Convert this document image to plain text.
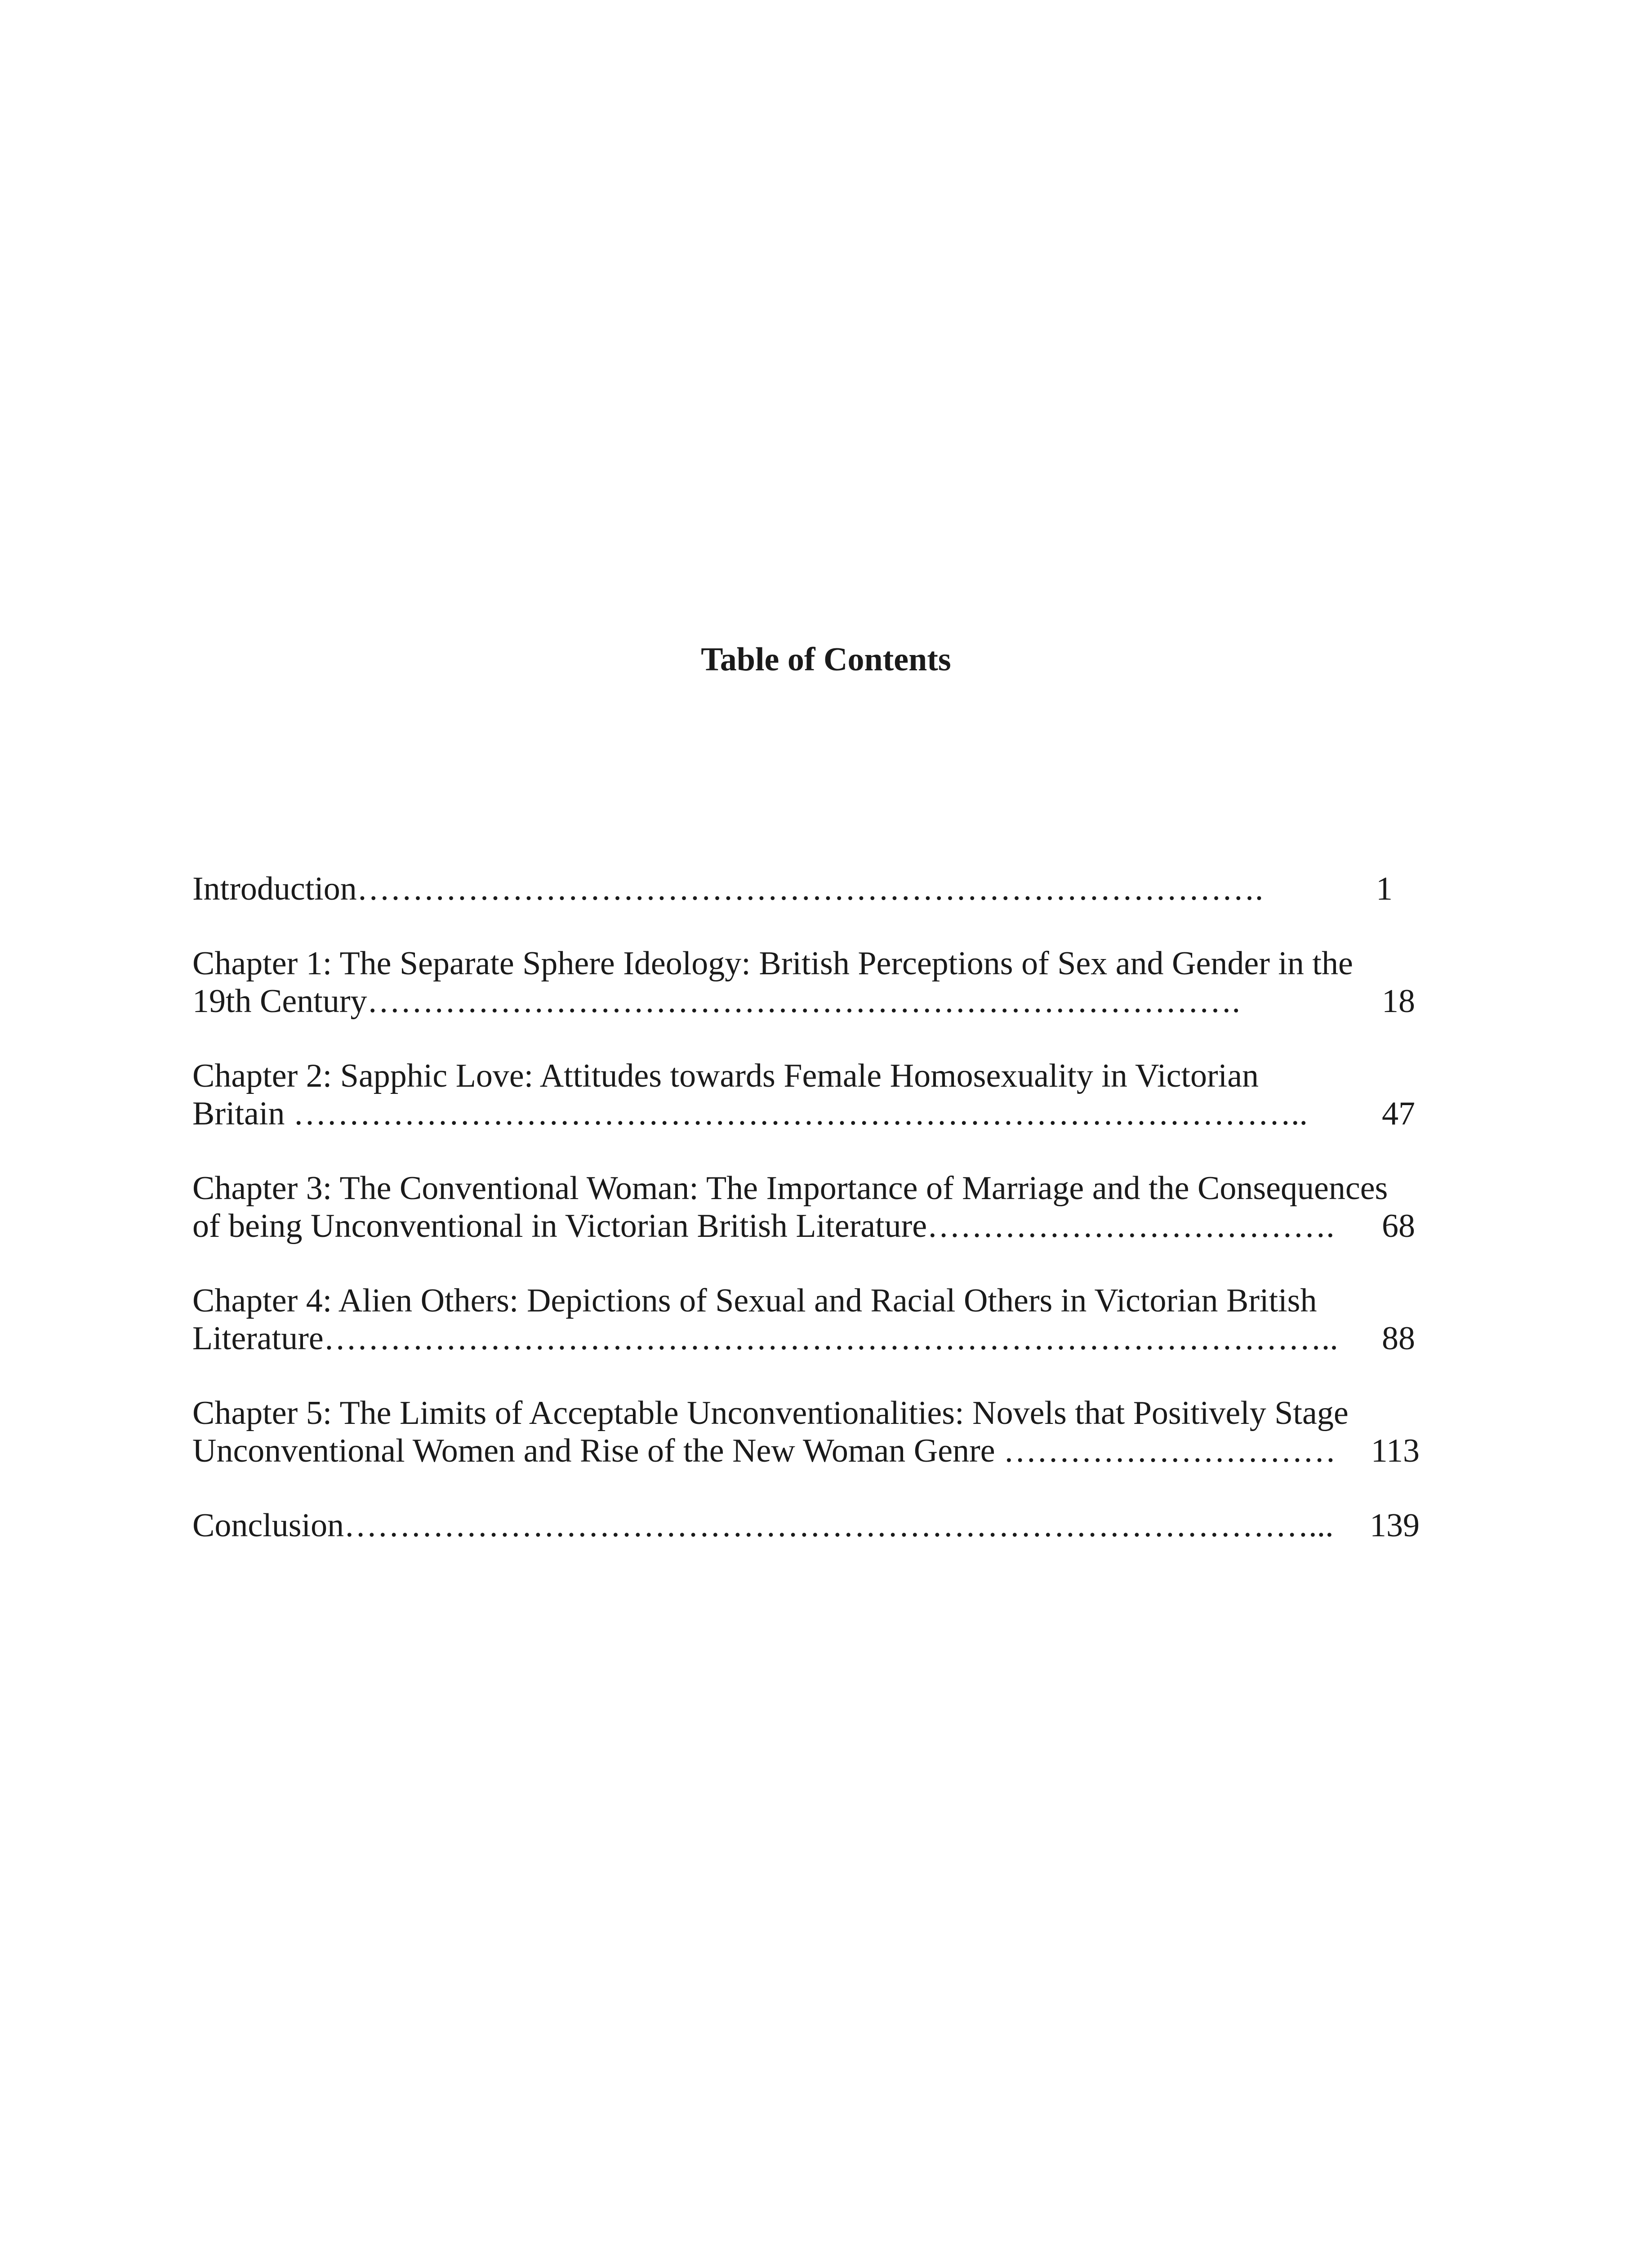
Table of Contents
Introduction……………………………………………………………………….	1
Chapter 1: The Separate Sphere Ideology: British Perceptions of Sex and Gender in the
19th Century…………………………………………………………………….	18
Chapter 2: Sapphic Love: Attitudes towards Female Homosexuality in Victorian
Britain ………………………………………………………………………………..	47
Chapter 3: The Conventional Woman: The Importance of Marriage and the Consequences
of being Unconventional in Victorian British Literature……………………………….	68
Chapter 4: Alien Others: Depictions of Sexual and Racial Others in Victorian British
Literature………………………………………………………………………………..	88
Chapter 5: The Limits of Acceptable Unconventionalities: Novels that Positively Stage
Unconventional Women and Rise of the New Woman Genre …………………………	113
Conclusion……………………………………………………………………………...	139
